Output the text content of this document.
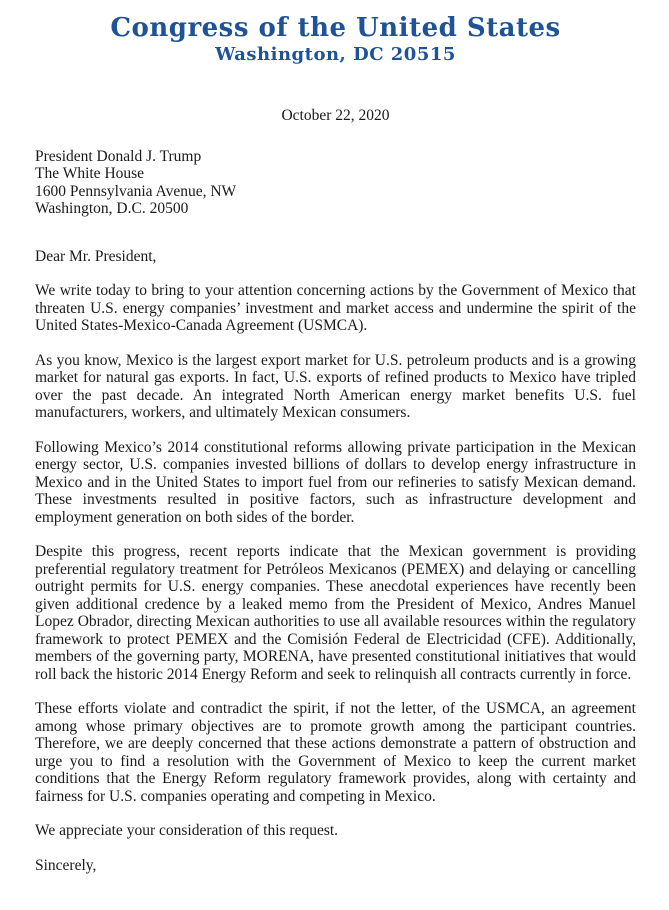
Congress of the United States
Washington, DC 20515
October 22, 2020
President Donald J. Trump
The White House
1600 Pennsylvania Avenue, NW
Washington, D.C. 20500
Dear Mr. President,

We write today to bring to your attention concerning actions by the Government of Mexico that threaten U.S. energy companies’ investment and market access and undermine the spirit of the United States-Mexico-Canada Agreement (USMCA).

As you know, Mexico is the largest export market for U.S. petroleum products and is a growing market for natural gas exports. In fact, U.S. exports of refined products to Mexico have tripled over the past decade. An integrated North American energy market benefits U.S. fuel manufacturers, workers, and ultimately Mexican consumers.

Following Mexico’s 2014 constitutional reforms allowing private participation in the Mexican energy sector, U.S. companies invested billions of dollars to develop energy infrastructure in Mexico and in the United States to import fuel from our refineries to satisfy Mexican demand. These investments resulted in positive factors, such as infrastructure development and employment generation on both sides of the border.

Despite this progress, recent reports indicate that the Mexican government is providing preferential regulatory treatment for Petróleos Mexicanos (PEMEX) and delaying or cancelling outright permits for U.S. energy companies. These anecdotal experiences have recently been given additional credence by a leaked memo from the President of Mexico, Andres Manuel Lopez Obrador, directing Mexican authorities to use all available resources within the regulatory framework to protect PEMEX and the Comisión Federal de Electricidad (CFE). Additionally, members of the governing party, MORENA, have presented constitutional initiatives that would roll back the historic 2014 Energy Reform and seek to relinquish all contracts currently in force.

These efforts violate and contradict the spirit, if not the letter, of the USMCA, an agreement among whose primary objectives are to promote growth among the participant countries. Therefore, we are deeply concerned that these actions demonstrate a pattern of obstruction and urge you to find a resolution with the Government of Mexico to keep the current market conditions that the Energy Reform regulatory framework provides, along with certainty and fairness for U.S. companies operating and competing in Mexico.

We appreciate your consideration of this request.

Sincerely,
